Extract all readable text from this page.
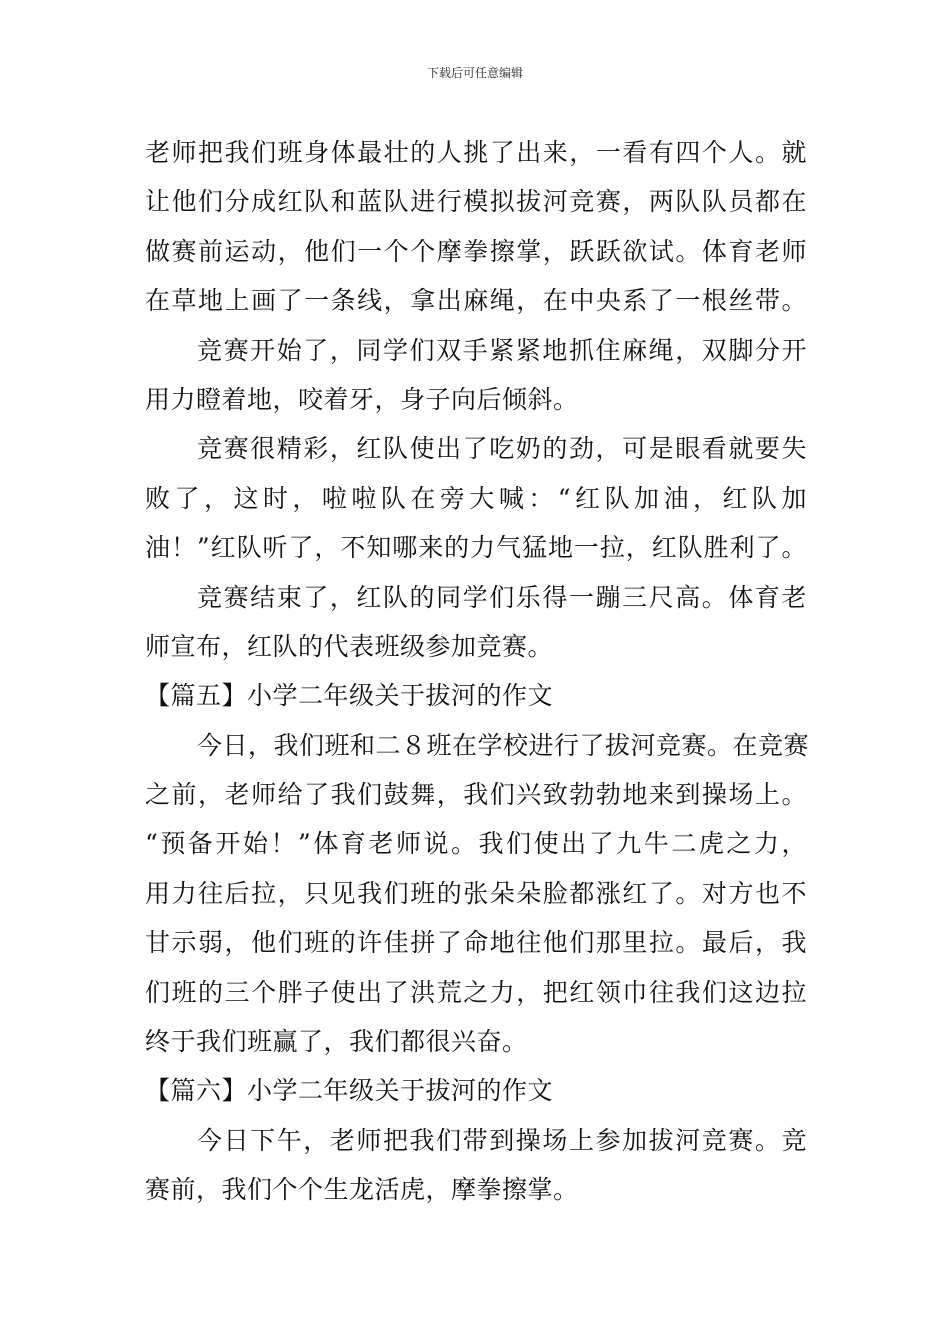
下载后可任意编辑
老师把我们班身体最壮的人挑了出来，一看有四个人。就
让他们分成红队和蓝队进行模拟拔河竞赛，两队队员都在
做赛前运动，他们一个个摩拳擦掌，跃跃欲试。体育老师
在草地上画了一条线，拿出麻绳，在中央系了一根丝带。
竞赛开始了，同学们双手紧紧地抓住麻绳，双脚分开
用力瞪着地，咬着牙，身子向后倾斜。
竞赛很精彩，红队使出了吃奶的劲，可是眼看就要失
败了，这时，啦啦队在旁大喊：“红队加油，红队加
油！”红队听了，不知哪来的力气猛地一拉，红队胜利了。
竞赛结束了，红队的同学们乐得一蹦三尺高。体育老
师宣布，红队的代表班级参加竞赛。
【篇五】小学二年级关于拔河的作文
今日，我们班和二８班在学校进行了拔河竞赛。在竞赛
之前，老师给了我们鼓舞，我们兴致勃勃地来到操场上。
“预备开始！”体育老师说。我们使出了九牛二虎之力，
用力往后拉，只见我们班的张朵朵脸都涨红了。对方也不
甘示弱，他们班的许佳拼了命地往他们那里拉。最后，我
们班的三个胖子使出了洪荒之力，把红领巾往我们这边拉
终于我们班赢了，我们都很兴奋。
【篇六】小学二年级关于拔河的作文
今日下午，老师把我们带到操场上参加拔河竞赛。竞
赛前，我们个个生龙活虎，摩拳擦掌。
